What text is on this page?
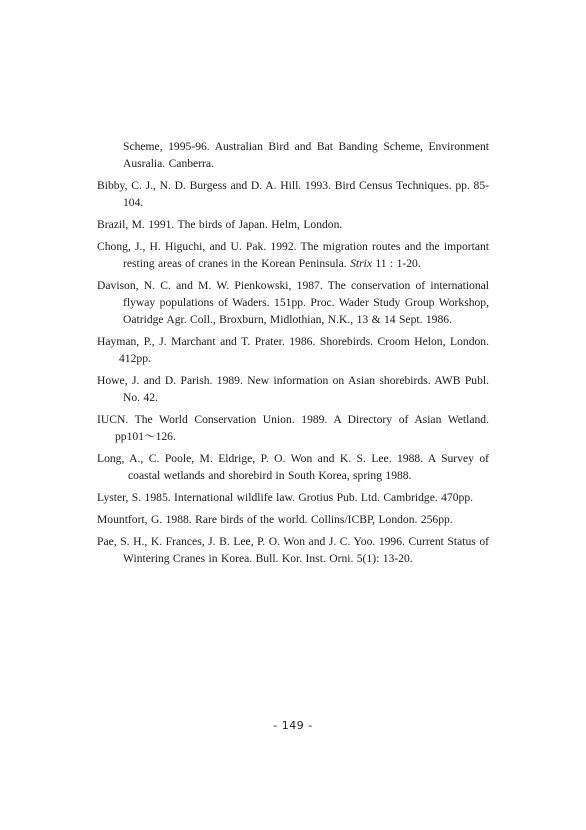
Scheme, 1995-96. Australian Bird and Bat Banding Scheme, Environment Ausralia. Canberra.
Bibby, C. J., N. D. Burgess and D. A. Hill. 1993. Bird Census Techniques. pp. 85-104.
Brazil, M. 1991. The birds of Japan. Helm, London.
Chong, J., H. Higuchi, and U. Pak. 1992. The migration routes and the important resting areas of cranes in the Korean Peninsula. Strix 11 : 1-20.
Davison, N. C. and M. W. Pienkowski, 1987. The conservation of international flyway populations of Waders. 151pp. Proc. Wader Study Group Workshop, Oatridge Agr. Coll., Broxburn, Midlothian, N.K., 13 & 14 Sept. 1986.
Hayman, P., J. Marchant and T. Prater. 1986. Shorebirds. Croom Helon, London. 412pp.
Howe, J. and D. Parish. 1989. New information on Asian shorebirds. AWB Publ. No. 42.
IUCN. The World Conservation Union. 1989. A Directory of Asian Wetland. pp101～126.
Long, A., C. Poole, M. Eldrige, P. O. Won and K. S. Lee. 1988. A Survey of coastal wetlands and shorebird in South Korea, spring 1988.
Lyster, S. 1985. International wildlife law. Grotius Pub. Ltd. Cambridge. 470pp.
Mountfort, G. 1988. Rare birds of the world. Collins/ICBP, London. 256pp.
Pae, S. H., K. Frances, J. B. Lee, P. O. Won and J. C. Yoo. 1996. Current Status of Wintering Cranes in Korea. Bull. Kor. Inst. Orni. 5(1): 13-20.
- 149 -
